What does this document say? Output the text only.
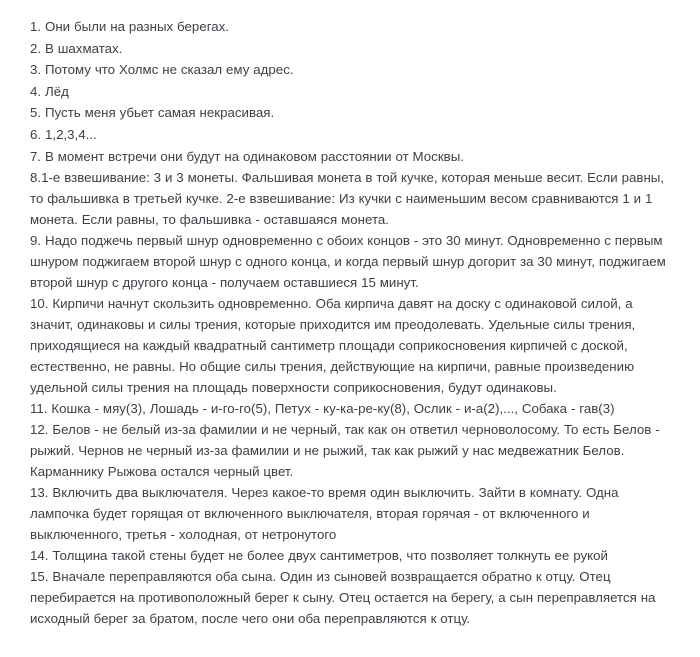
1. Они были на разных берегах.

2. В шахматах.

3. Потому что Холмс не сказал ему адрес.

4. Лёд

5. Пусть меня убьет самая некрасивая.

6. 1,2,3,4...

7. В момент встречи они будут на одинаковом расстоянии от Москвы.

8.1-е взвешивание: 3 и 3 монеты. Фальшивая монета в той кучке, которая меньше весит. Если равны, то фальшивка в третьей кучке. 2-е взвешивание: Из кучки с наименьшим весом сравниваются 1 и 1 монета. Если равны, то фальшивка - оставшаяся монета.

9. Надо поджечь первый шнур одновременно с обоих концов - это 30 минут. Одновременно с первым шнуром поджигаем второй шнур с одного конца, и когда первый шнур догорит за 30 минут, поджигаем второй шнур с другого конца - получаем оставшиеся 15 минут.

10. Кирпичи начнут скользить одновременно. Оба кирпича давят на доску с одинаковой силой, а значит, одинаковы и силы трения, которые приходится им преодолевать. Удельные силы трения, приходящиеся на каждый квадратный сантиметр площади соприкосновения кирпичей с доской, естественно, не равны. Но общие силы трения, действующие на кирпичи, равные произведению удельной силы трения на площадь поверхности соприкосновения, будут одинаковы.

11. Кошка - мяу(3), Лошадь - и-го-го(5), Петух - ку-ка-ре-ку(8), Ослик - и-а(2),..., Собака - гав(3)

12. Белов - не белый из-за фамилии и не черный, так как он ответил черноволосому. То есть Белов - рыжий. Чернов не черный из-за фамилии и не рыжий, так как рыжий у нас медвежатник Белов. Карманнику Рыжова остался черный цвет.

13. Включить два выключателя. Через какое-то время один выключить. Зайти в комнату. Одна лампочка будет горящая от включенного выключателя, вторая горячая - от включенного и выключенного, третья - холодная, от нетронутого

14. Толщина такой стены будет не более двух сантиметров, что позволяет толкнуть ее рукой

15. Вначале переправляются оба сына. Один из сыновей возвращается обратно к отцу. Отец перебирается на противоположный берег к сыну. Отец остается на берегу, а сын переправляется на исходный берег за братом, после чего они оба переправляются к отцу.
